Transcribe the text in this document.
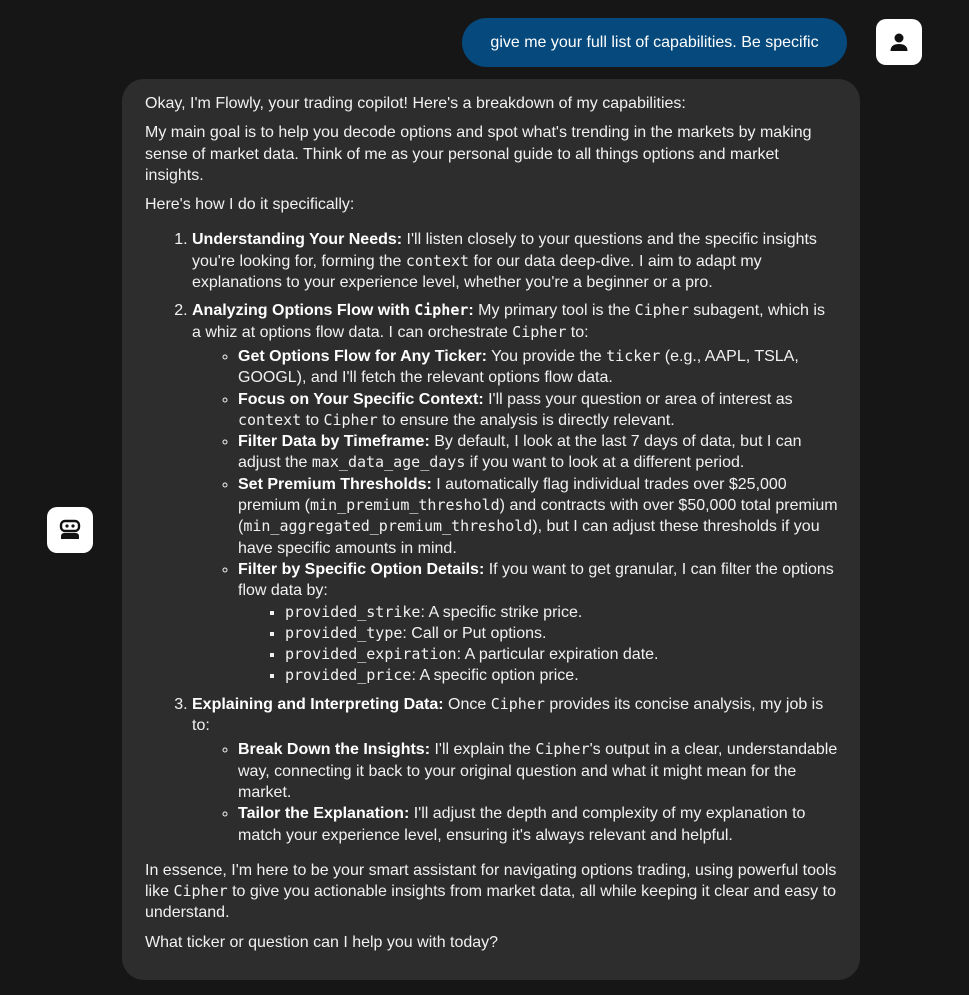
give me your full list of capabilities. Be specific

Okay, I'm Flowly, your trading copilot! Here's a breakdown of my capabilities:

My main goal is to help you decode options and spot what's trending in the markets by making sense of market data. Think of me as your personal guide to all things options and market insights.

Here's how I do it specifically:

1. Understanding Your Needs: I'll listen closely to your questions and the specific insights you're looking for, forming the context for our data deep-dive. I aim to adapt my explanations to your experience level, whether you're a beginner or a pro.
2. Analyzing Options Flow with Cipher: My primary tool is the Cipher subagent, which is a whiz at options flow data. I can orchestrate Cipher to:
◦ Get Options Flow for Any Ticker: You provide the ticker (e.g., AAPL, TSLA, GOOGL), and I'll fetch the relevant options flow data.
◦ Focus on Your Specific Context: I'll pass your question or area of interest as context to Cipher to ensure the analysis is directly relevant.
◦ Filter Data by Timeframe: By default, I look at the last 7 days of data, but I can adjust the max_data_age_days if you want to look at a different period.
◦ Set Premium Thresholds: I automatically flag individual trades over $25,000 premium (min_premium_threshold) and contracts with over $50,000 total premium (min_aggregated_premium_threshold), but I can adjust these thresholds if you have specific amounts in mind.
◦ Filter by Specific Option Details: If you want to get granular, I can filter the options flow data by:
▪ provided_strike: A specific strike price.
▪ provided_type: Call or Put options.
▪ provided_expiration: A particular expiration date.
▪ provided_price: A specific option price.
3. Explaining and Interpreting Data: Once Cipher provides its concise analysis, my job is to:
◦ Break Down the Insights: I'll explain the Cipher's output in a clear, understandable way, connecting it back to your original question and what it might mean for the market.
◦ Tailor the Explanation: I'll adjust the depth and complexity of my explanation to match your experience level, ensuring it's always relevant and helpful.

In essence, I'm here to be your smart assistant for navigating options trading, using powerful tools like Cipher to give you actionable insights from market data, all while keeping it clear and easy to understand.

What ticker or question can I help you with today?
